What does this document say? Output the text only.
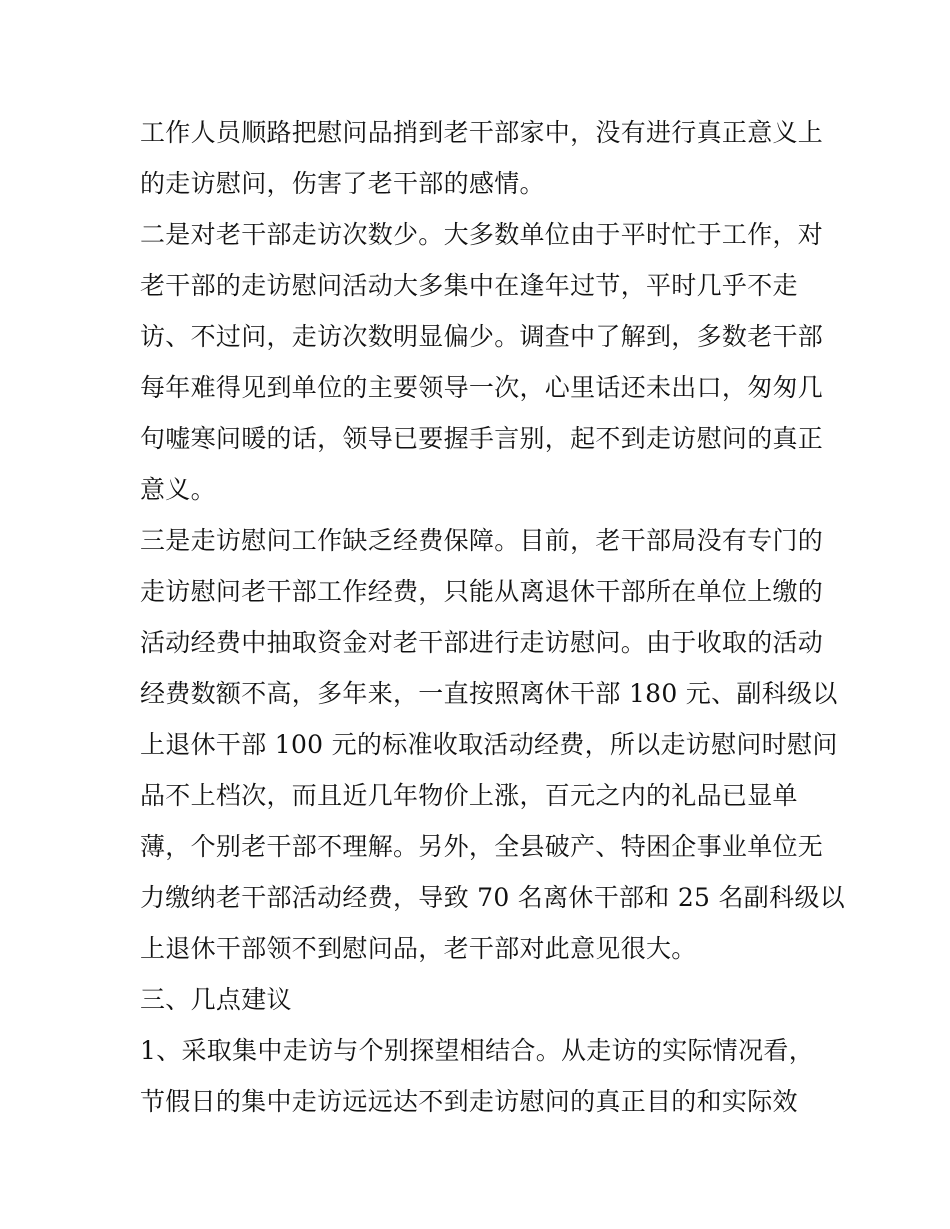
工作人员顺路把慰问品捎到老干部家中，没有进行真正意义上
的走访慰问，伤害了老干部的感情。
二是对老干部走访次数少。大多数单位由于平时忙于工作，对
老干部的走访慰问活动大多集中在逢年过节，平时几乎不走
访、不过问，走访次数明显偏少。调查中了解到，多数老干部
每年难得见到单位的主要领导一次，心里话还未出口，匆匆几
句嘘寒问暖的话，领导已要握手言别，起不到走访慰问的真正
意义。
三是走访慰问工作缺乏经费保障。目前，老干部局没有专门的
走访慰问老干部工作经费，只能从离退休干部所在单位上缴的
活动经费中抽取资金对老干部进行走访慰问。由于收取的活动
经费数额不高，多年来，一直按照离休干部 180 元、副科级以
上退休干部 100 元的标准收取活动经费，所以走访慰问时慰问
品不上档次，而且近几年物价上涨，百元之内的礼品已显单
薄，个别老干部不理解。另外，全县破产、特困企事业单位无
力缴纳老干部活动经费，导致 70 名离休干部和 25 名副科级以
上退休干部领不到慰问品，老干部对此意见很大。
三、几点建议
1、采取集中走访与个别探望相结合。从走访的实际情况看，
节假日的集中走访远远达不到走访慰问的真正目的和实际效
